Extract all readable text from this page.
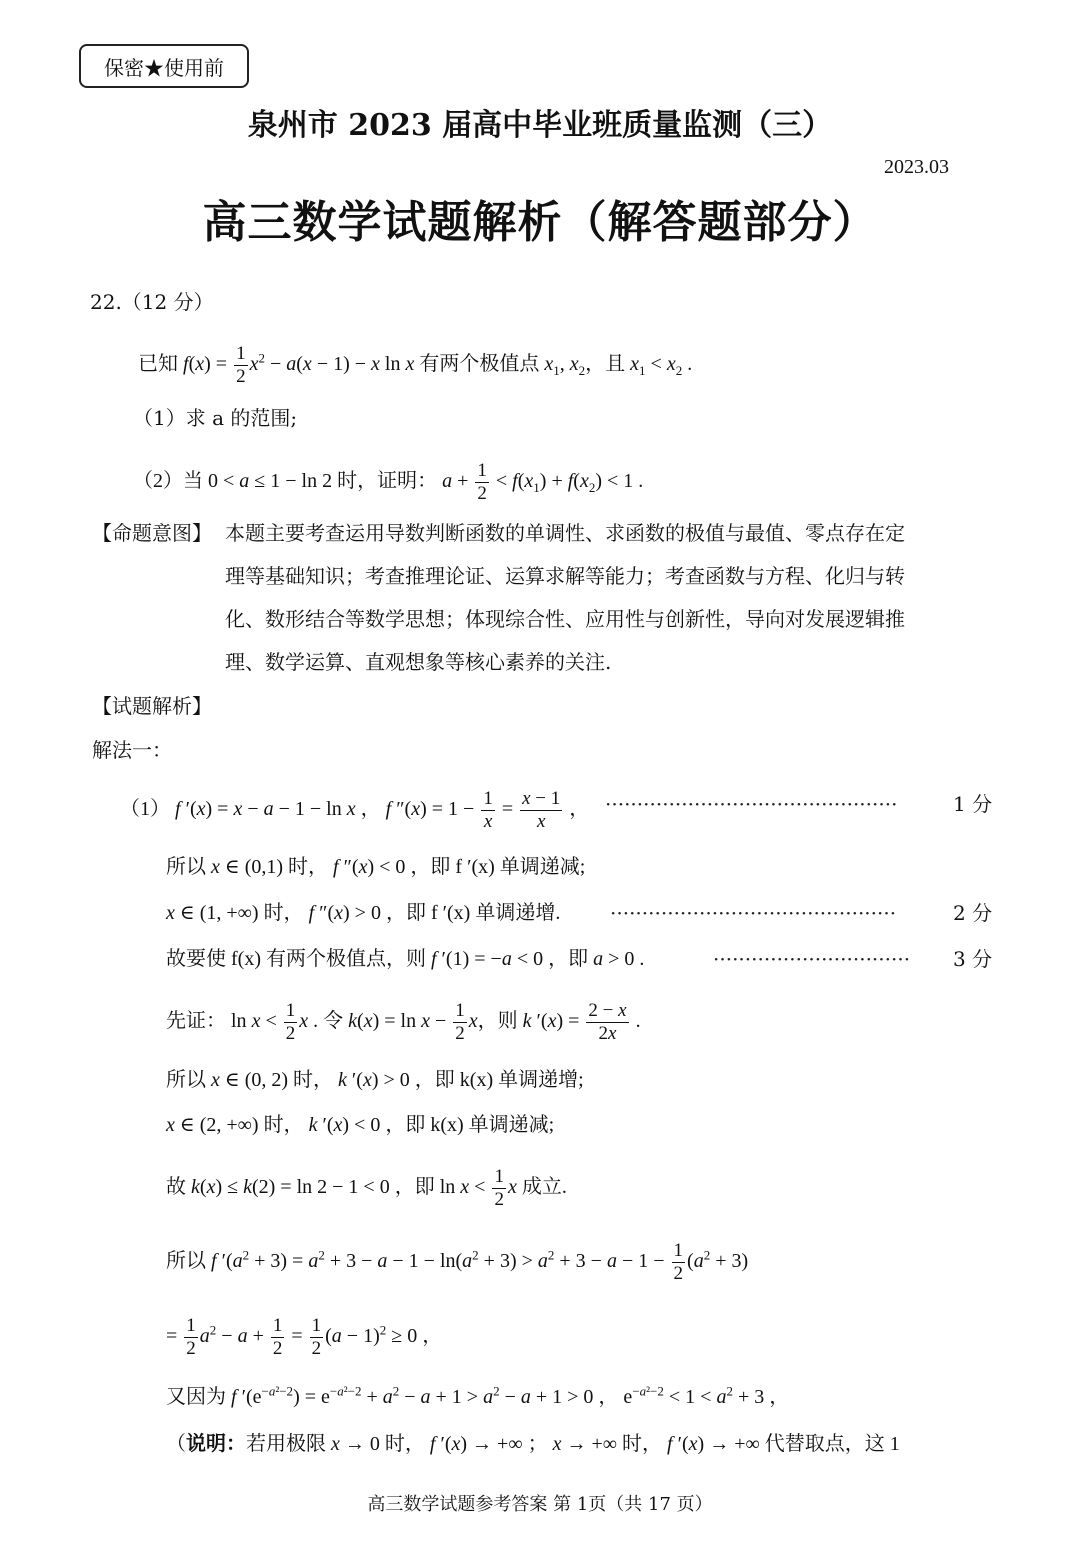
保密★使用前
泉州市 2023 届高中毕业班质量监测（三）
2023.03
高三数学试题解析（解答题部分）
22.（12 分）
已知 $f(x) = \frac{1}{2} x^2 - a(x - 1) - x$ ln x 有两个极值点 $x_1$, $x_2$，且 $x_1 < x_2$ .
（1）求 a 的范围;
（2）当 0 < a ≤ 1 − ln 2 时，证明： $a + \frac{1}{2} < f(x_1) + f(x_2) < 1$ .
【命题意图】 本题主要考查运用导数判断函数的单调性、求函数的极值与最值、零点存在定
理等基础知识；考查推理论证、运算求解等能力；考查函数与方程、化归与转
化、数形结合等数学思想；体现综合性、应用性与创新性，导向对发展逻辑推
理、数学运算、直观想象等核心素养的关注.
【试题解析】
解法一：
（1） f ′(x) = x − a − 1 − ln x ， f $''(x) = 1 - \frac{1}{x} = \frac{x - 1}{x}$ ， ··············································	1 分
所以 x ∈ (0,1) 时， f ″(x) < 0 ，即 f ′(x) 单调递减;
x ∈ (1, +∞) 时， f ″(x) > 0 ，即 f ′(x) 单调递增. ·············································	2 分
故要使 f(x) 有两个极值点，则 f ′(1) = −a < 0 ，即 a > 0 .	······························· 3 分
先证： $\ln x < \frac{1}{2}$ x . 令 $k(x) = \ln x - \frac{1}{2}$ x，则 k $'(x) = \frac{2 - x}{2x}$ .
所以 x ∈ (0, 2) 时， k ′(x) > 0 ，即 k(x) 单调递增;
x ∈ (2, +∞) 时， k ′(x) < 0 ，即 k(x) 单调递减;
故 k(x) ≤ k(2) = ln 2 − 1 < 0 ，即 $\ln x < \frac{1}{2}$ x 成立.
所以 f $'(a^2 + 3) = a^2 + 3 - a - 1 - \ln(a^2 + 3) > a^2 + 3 - a - 1 - \frac{1}{2} (a^2 + 3)$
= $\frac{1}{2} a^2 - a + \frac{1}{2} = \frac{1}{2} (a - 1)^2 \ge 0$ ，
又因为 f $'(e^{-a^2-2}) = e^{-a^2-2} + a^2 - a + 1 > a^2 - a + 1 > 0$ ， $e^{-a^2-2} < 1 < a^2 + 3$ ，
（说明：若用极限 x → 0 时， f ′(x) → +∞ ； x → +∞ 时， f ′(x) → +∞ 代替取点，这 1
高三数学试题参考答案 第 1页（共 17 页）
